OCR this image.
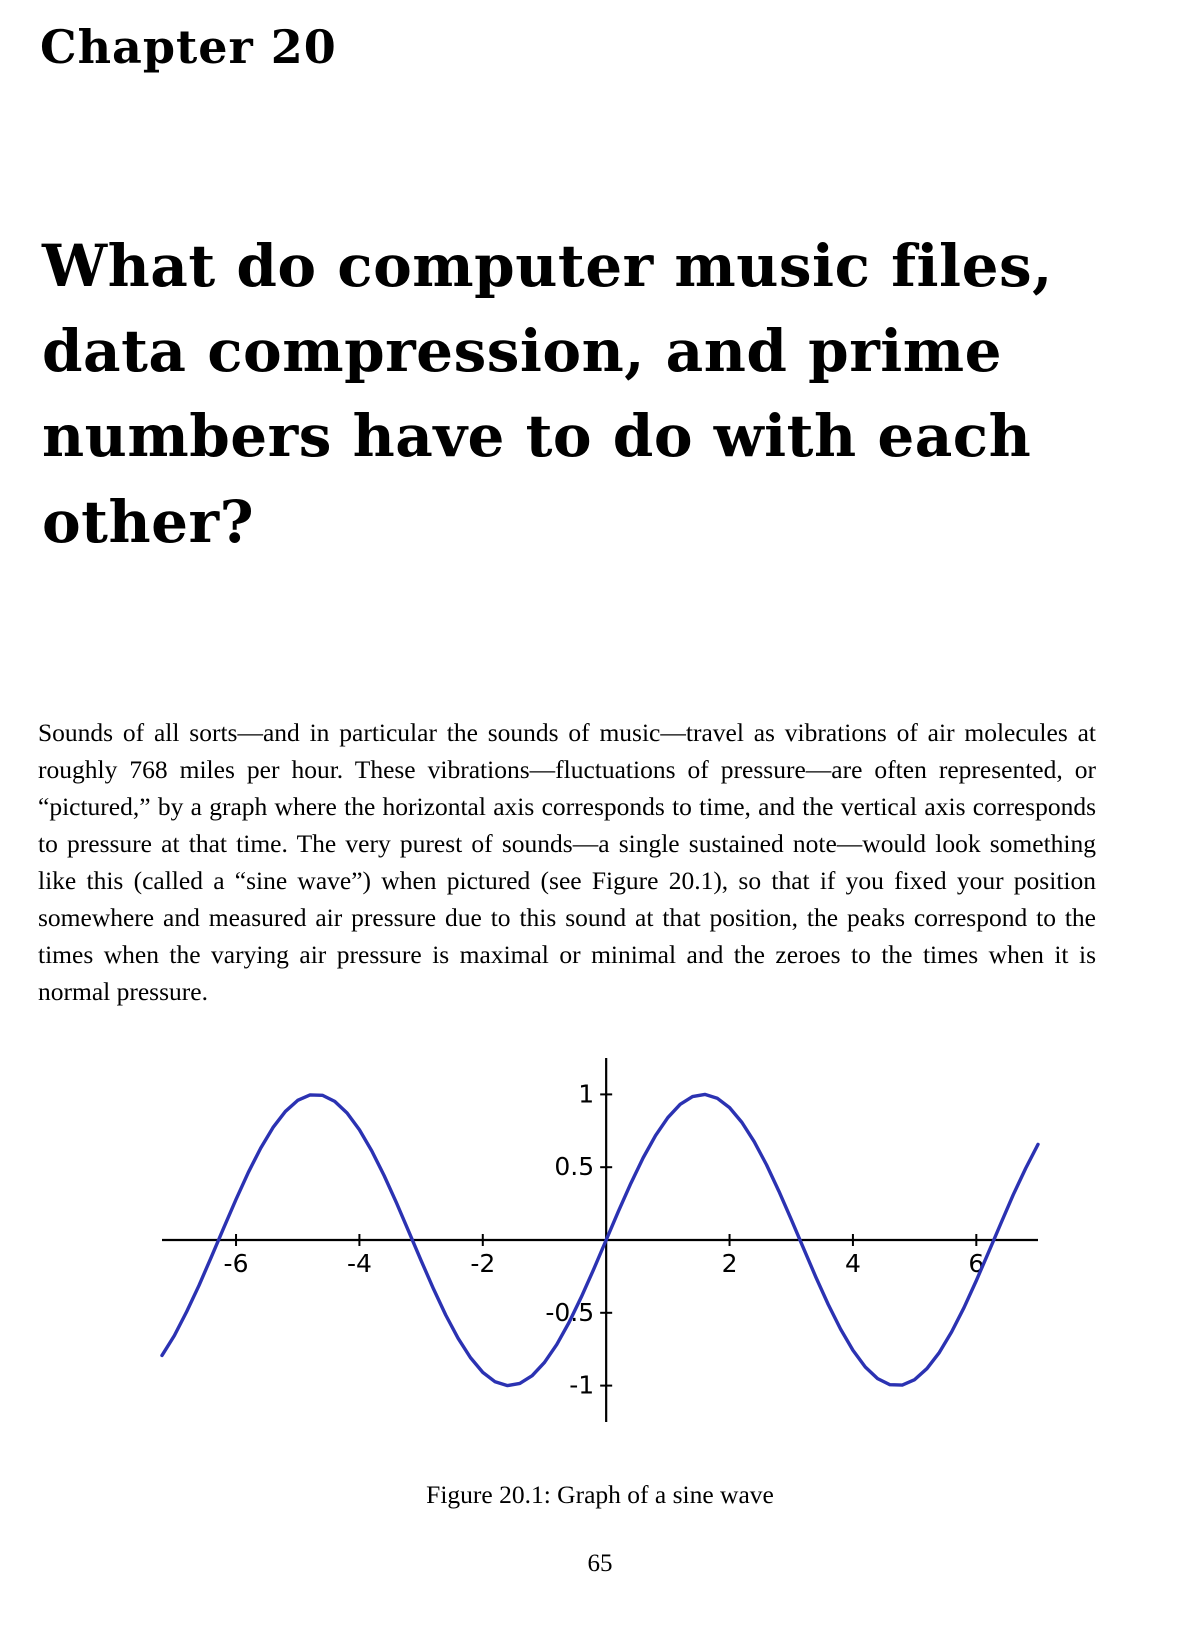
Chapter 20
What do computer music files, data compression, and prime numbers have to do with each other?

Sounds of all sorts—and in particular the sounds of music—travel as vibrations of air molecules at roughly 768 miles per hour. These vibrations—fluctuations of pressure—are often represented, or “pictured,” by a graph where the horizontal axis corresponds to time, and the vertical axis corresponds to pressure at that time. The very purest of sounds—a single sustained note—would look something like this (called a “sine wave”) when pictured (see Figure 20.1), so that if you fixed your position somewhere and measured air pressure due to this sound at that position, the peaks correspond to the times when the varying air pressure is maximal or minimal and the zeroes to the times when it is normal pressure.

-6	-4	-2	2	4	6
-1
-0.5
0.5
1
Figure 20.1: Graph of a sine wave
65
